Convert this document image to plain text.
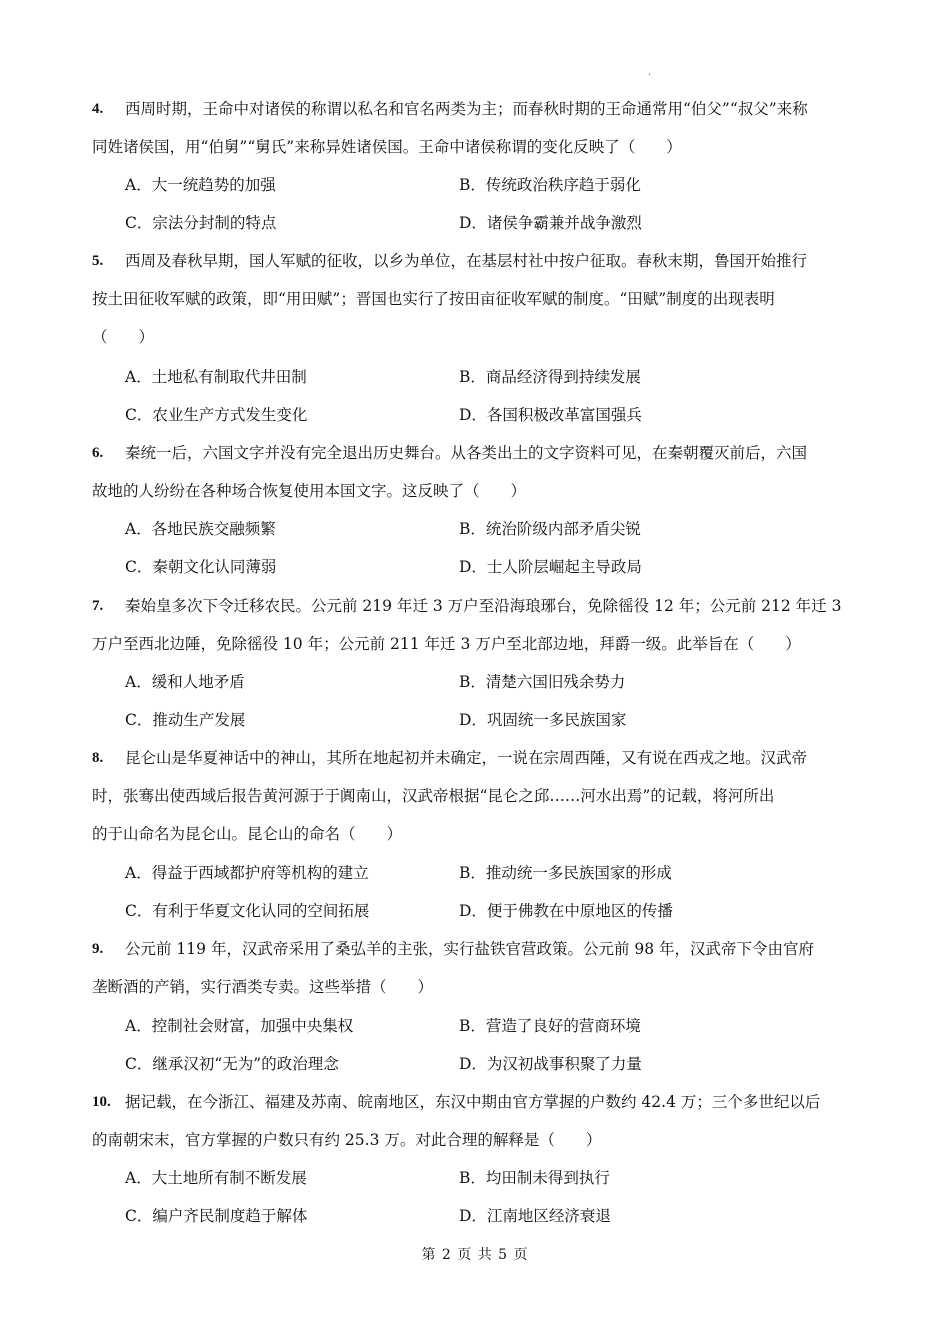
·
4. 西周时期，王命中对诸侯的称谓以私名和官名两类为主；而春秋时期的王命通常用“伯父”“叔父”来称
同姓诸侯国，用“伯舅”“舅氏”来称异姓诸侯国。王命中诸侯称谓的变化反映了（　　）
A．大一统趋势的加强	B．传统政治秩序趋于弱化
C．宗法分封制的特点	D．诸侯争霸兼并战争激烈
5. 西周及春秋早期，国人军赋的征收，以乡为单位，在基层村社中按户征取。春秋末期，鲁国开始推行
按土田征收军赋的政策，即“用田赋”；晋国也实行了按田亩征收军赋的制度。“田赋”制度的出现表明
（　　）
A．土地私有制取代井田制	B．商品经济得到持续发展
C．农业生产方式发生变化	D．各国积极改革富国强兵
6. 秦统一后，六国文字并没有完全退出历史舞台。从各类出土的文字资料可见，在秦朝覆灭前后，六国
故地的人纷纷在各种场合恢复使用本国文字。这反映了（　　）
A．各地民族交融频繁	B．统治阶级内部矛盾尖锐
C．秦朝文化认同薄弱	D．士人阶层崛起主导政局
7. 秦始皇多次下令迁移农民。公元前 219 年迁 3 万户至沿海琅琊台，免除徭役 12 年；公元前 212 年迁 3
万户至西北边陲，免除徭役 10 年；公元前 211 年迁 3 万户至北部边地，拜爵一级。此举旨在（　　）
A．缓和人地矛盾	B．清楚六国旧残余势力
C．推动生产发展	D．巩固统一多民族国家
8. 昆仑山是华夏神话中的神山，其所在地起初并未确定，一说在宗周西陲，又有说在西戎之地。汉武帝
时，张骞出使西域后报告黄河源于于阗南山，汉武帝根据“昆仑之邱……河水出焉”的记载，将河所出
的于山命名为昆仑山。昆仑山的命名（　　）
A．得益于西域都护府等机构的建立	B．推动统一多民族国家的形成
C．有利于华夏文化认同的空间拓展	D．便于佛教在中原地区的传播
9. 公元前 119 年，汉武帝采用了桑弘羊的主张，实行盐铁官营政策。公元前 98 年，汉武帝下令由官府
垄断酒的产销，实行酒类专卖。这些举措（　　）
A．控制社会财富，加强中央集权	B．营造了良好的营商环境
C．继承汉初“无为”的政治理念	D．为汉初战事积聚了力量
10. 据记载，在今浙江、福建及苏南、皖南地区，东汉中期由官方掌握的户数约 42.4 万；三个多世纪以后
的南朝宋末，官方掌握的户数只有约 25.3 万。对此合理的解释是（　　）
A．大土地所有制不断发展	B．均田制未得到执行
C．编户齐民制度趋于解体	D．江南地区经济衰退
第 2 页 共 5 页
